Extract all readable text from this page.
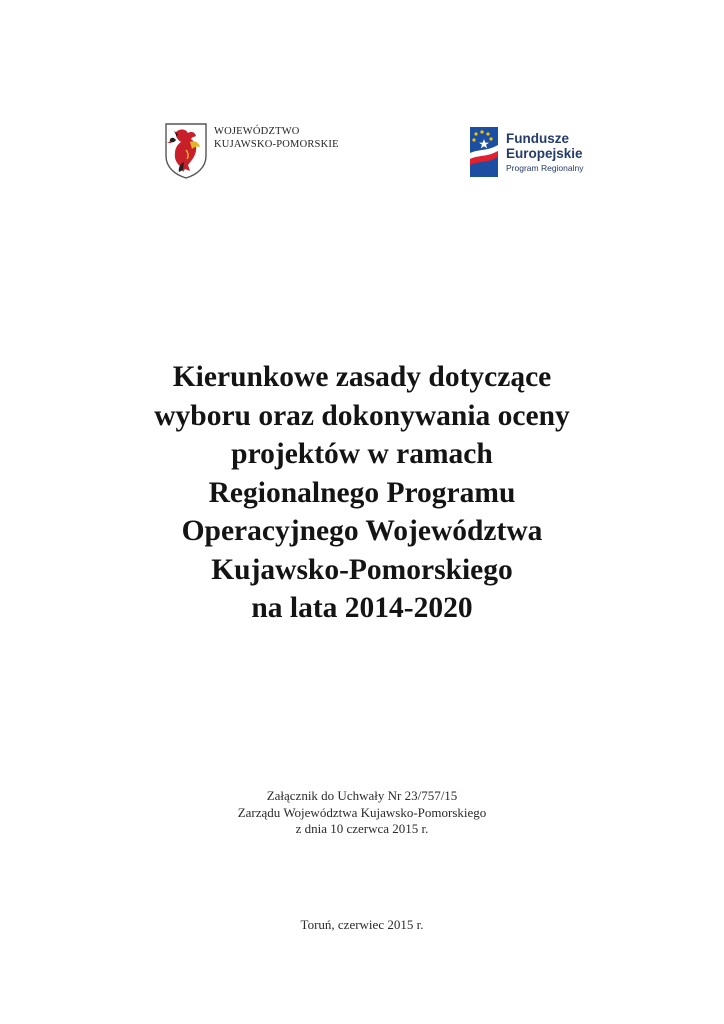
WOJEWÓDZTWO
KUJAWSKO-POMORSKIE	Fundusze
Europejskie
Program Regionalny
Kierunkowe zasady dotyczące
wyboru oraz dokonywania oceny
projektów w ramach
Regionalnego Programu
Operacyjnego Województwa
Kujawsko-Pomorskiego
na lata 2014-2020
Załącznik do Uchwały Nr 23/757/15
Zarządu Województwa Kujawsko-Pomorskiego
z dnia 10 czerwca 2015 r.
Toruń, czerwiec 2015 r.
